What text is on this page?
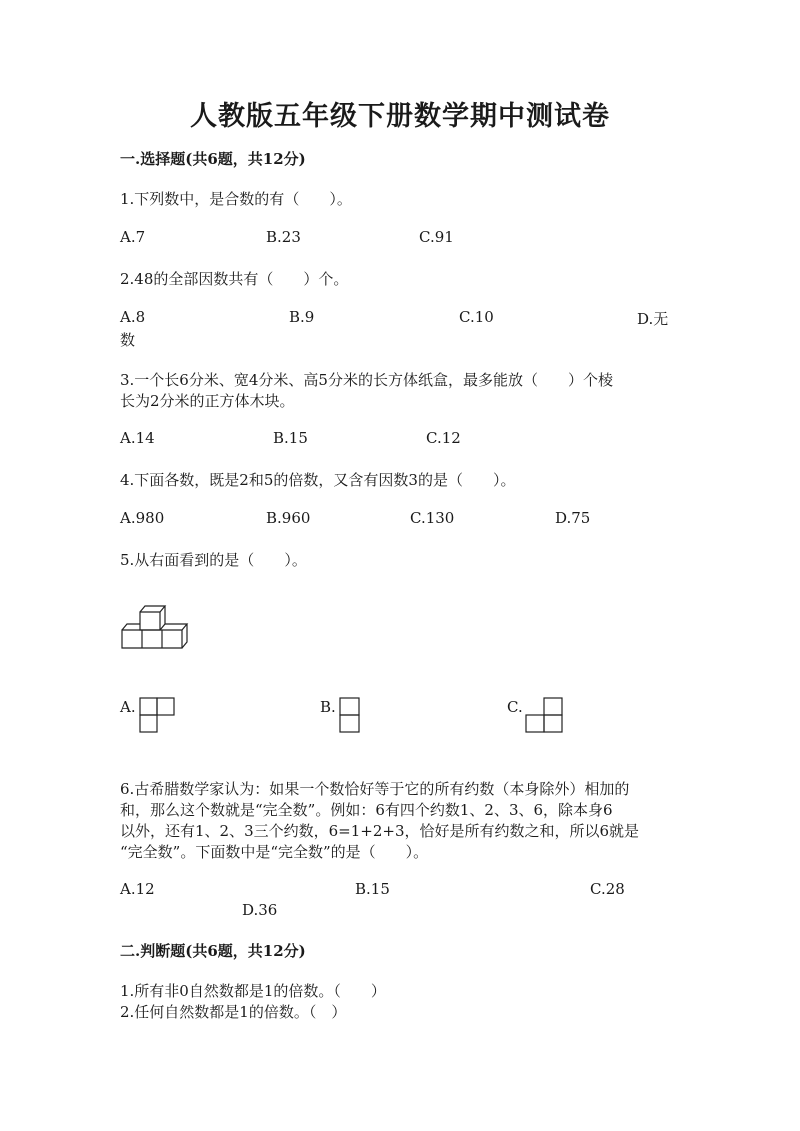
人教版五年级下册数学期中测试卷
一.选择题(共6题，共12分)
1.下列数中，是合数的有（　　）。
A.7	B.23	C.91
2.48的全部因数共有（　　）个。
A.8	B.9	C.10	D.无
数
3.一个长6分米、宽4分米、高5分米的长方体纸盒，最多能放（　　）个棱
长为2分米的正方体木块。
A.14	B.15	C.12
4.下面各数，既是2和5的倍数，又含有因数3的是（　　）。
A.980	B.960	C.130	D.75
5.从右面看到的是（　　）。
A.	B.	C.
6.古希腊数学家认为：如果一个数恰好等于它的所有约数（本身除外）相加的
和，那么这个数就是“完全数”。例如：6有四个约数1、2、3、6，除本身6
以外，还有1、2、3三个约数，6=1+2+3，恰好是所有约数之和，所以6就是
“完全数”。下面数中是“完全数”的是（　　）。
A.12	B.15	C.28
D.36
二.判断题(共6题，共12分)
1.所有非0自然数都是1的倍数。（　　）
2.任何自然数都是1的倍数。（　）
